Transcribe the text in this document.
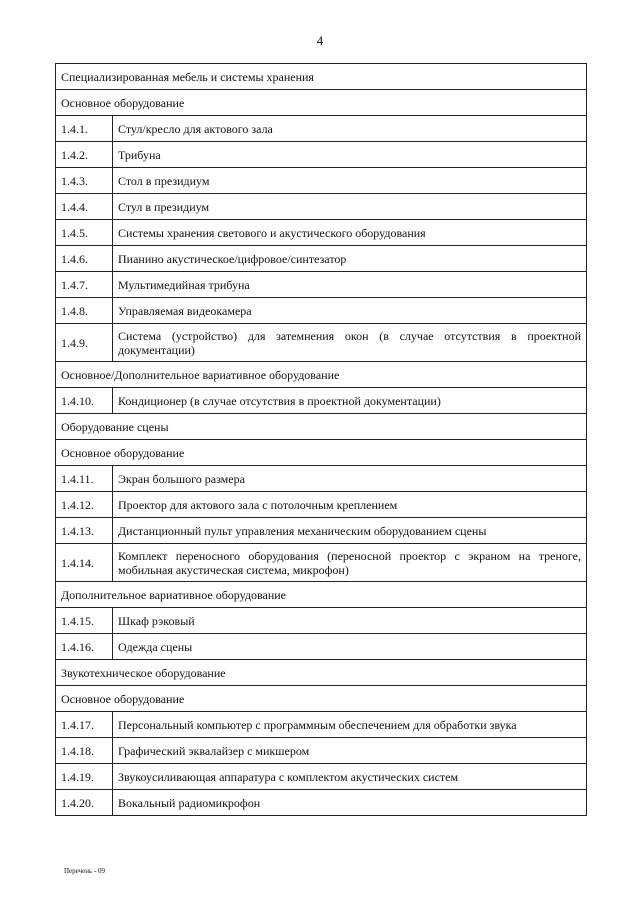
4
Специализированная мебель и системы хранения	
Основное оборудование	
1.4.1.	Стул/кресло для актового зала
1.4.2.	Трибуна
1.4.3.	Стол в президиум
1.4.4.	Стул в президиум
1.4.5.	Системы хранения светового и акустического оборудования
1.4.6.	Пианино акустическое/цифровое/синтезатор
1.4.7.	Мультимедийная трибуна
1.4.8.	Управляемая видеокамера
1.4.9.	Система (устройство) для затемнения окон (в случае отсутствия в проектной документации)
Основное/Дополнительное вариативное оборудование	
1.4.10.	Кондиционер (в случае отсутствия в проектной документации)
Оборудование сцены	
Основное оборудование	
1.4.11.	Экран большого размера
1.4.12.	Проектор для актового зала с потолочным креплением
1.4.13.	Дистанционный пульт управления механическим оборудованием сцены
1.4.14.	Комплект переносного оборудования (переносной проектор с экраном на треноге, мобильная акустическая система, микрофон)
Дополнительное вариативное оборудование	
1.4.15.	Шкаф рэковый
1.4.16.	Одежда сцены
Звукотехническое оборудование	
Основное оборудование	
1.4.17.	Персональный компьютер с программным обеспечением для обработки звука
1.4.18.	Графический эквалайзер с микшером
1.4.19.	Звукоусиливающая аппаратура с комплектом акустических систем
1.4.20.	Вокальный радиомикрофон
Перечень - 09
